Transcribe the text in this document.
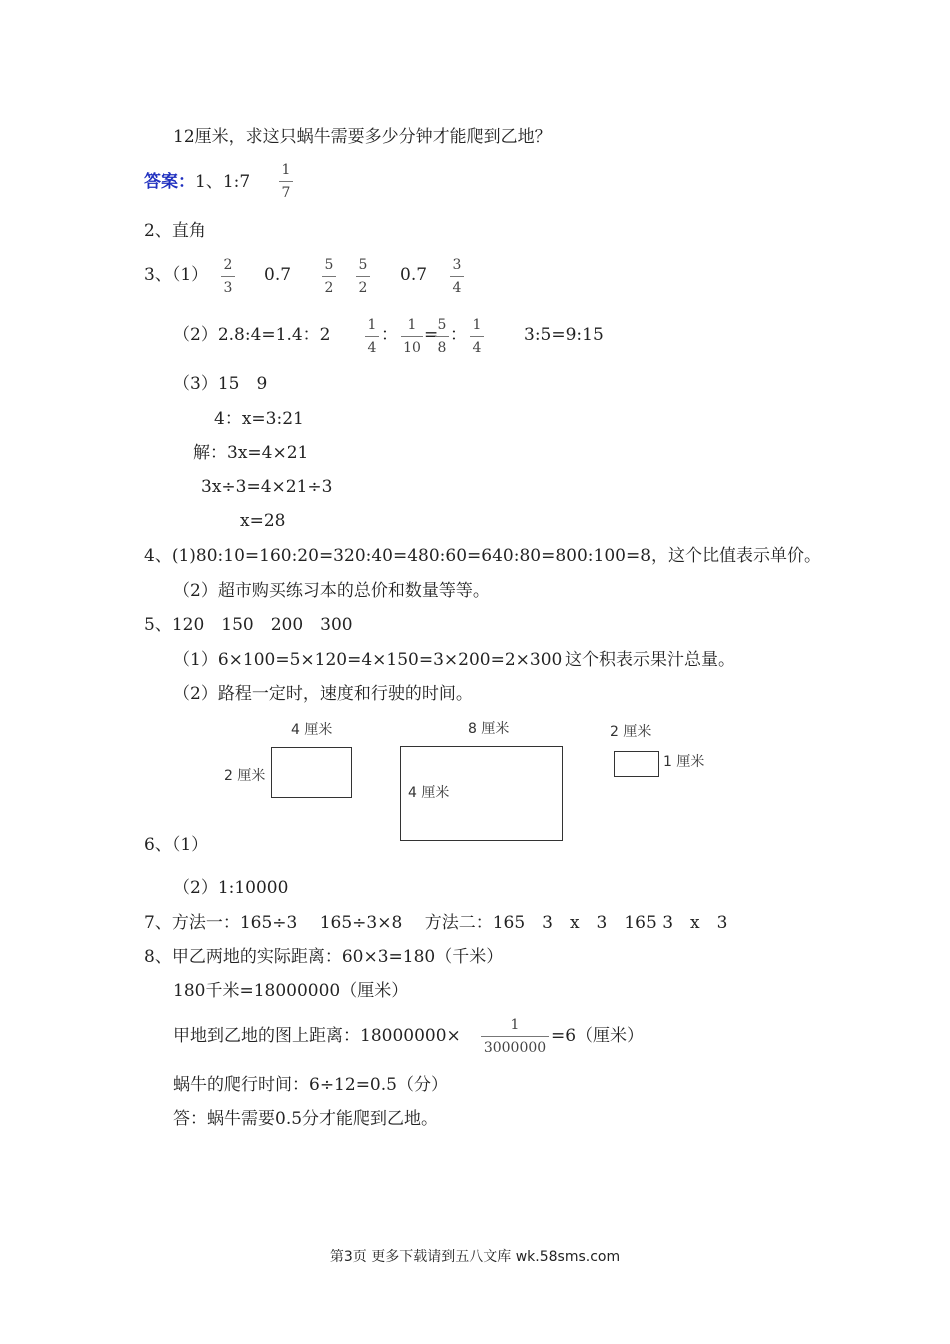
12厘米，求这只蜗牛需要多少分钟才能爬到乙地？
答案：1、1:7
1
7
2、直角
3、（1） 2
3
0.7 5
2
5
2
0.7 3
4
（2）2.8:4=1.4：2	1
4
： 1
10
= 5
8
： 1
4
3:5=9:15
（3）15　9
4：x=3:21
解：3x=4×21
3x÷3=4×21÷3
x=28
4、(1)80:10=160:20=320:40=480:60=640:80=800:100=8，这个比值表示单价。
（2）超市购买练习本的总价和数量等等。
5、120　150　200　300
（1）6×100=5×120=4×150=3×200=2×300 这个积表示果汁总量。
（2）路程一定时，速度和行驶的时间。
4 厘米
2 厘米
8 厘米
4 厘米
2 厘米
1 厘米
6、（1）
（2）1:10000
7、方法一：165÷3　 165÷3×8　 方法二：165　3　x　3　165 3　x　3
8、甲乙两地的实际距离：60×3=180（千米）
180千米=18000000（厘米）
甲地到乙地的图上距离：18000000×
1
3000000
=6（厘米）
蜗牛的爬行时间：6÷12=0.5（分）
答：蜗牛需要0.5分才能爬到乙地。
第3页 更多下载请到五八文库 wk.58sms.com
